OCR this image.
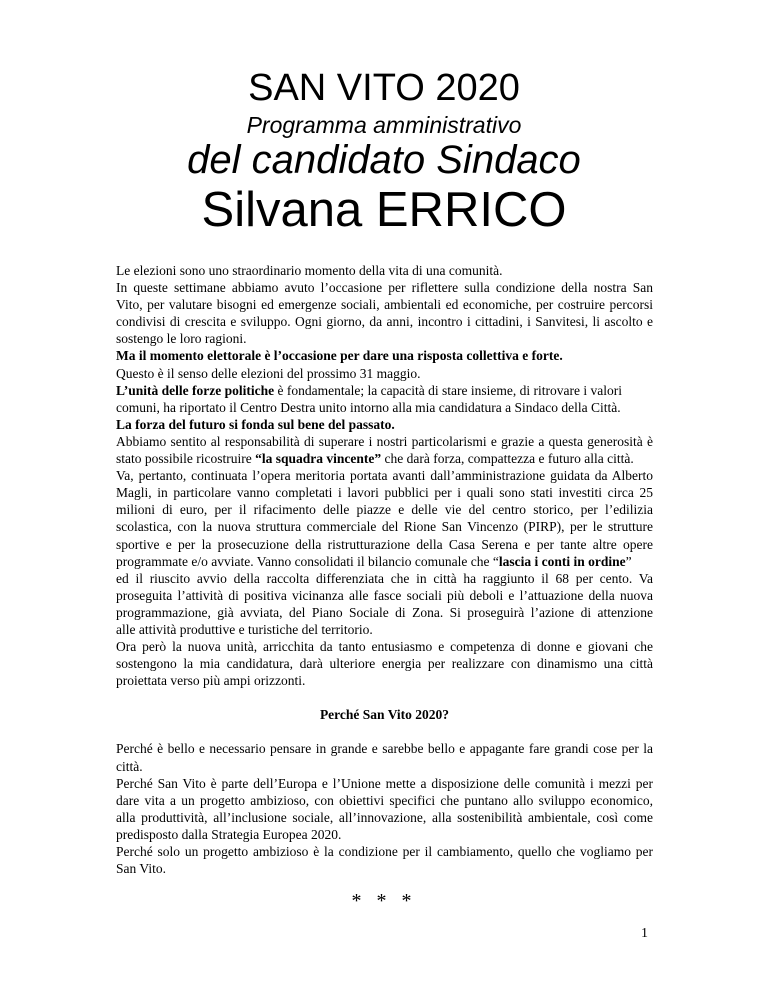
SAN VITO 2020
Programma amministrativo
del candidato Sindaco
Silvana ERRICO
Le elezioni sono uno straordinario momento della vita di una comunità.
In queste settimane abbiamo avuto l’occasione per riflettere sulla condizione della nostra San
Vito, per valutare bisogni ed emergenze sociali, ambientali ed economiche, per costruire percorsi
condivisi di crescita e sviluppo. Ogni giorno, da anni, incontro i cittadini, i Sanvitesi, li ascolto e
sostengo le loro ragioni.
Ma il momento elettorale è l’occasione per dare una risposta collettiva e forte.
Questo è il senso delle elezioni del prossimo 31 maggio.
L’unità delle forze politiche è fondamentale; la capacità di stare insieme, di ritrovare i valori
comuni, ha riportato il Centro Destra unito intorno alla mia candidatura a Sindaco della Città.
La forza del futuro si fonda sul bene del passato.
Abbiamo sentito al responsabilità di superare i nostri particolarismi e grazie a questa generosità è
stato possibile ricostruire “la squadra vincente” che darà forza, compattezza e futuro alla città.
Va, pertanto, continuata l’opera meritoria portata avanti dall’amministrazione guidata da Alberto
Magli, in particolare vanno completati i lavori pubblici per i quali sono stati investiti circa 25
milioni di euro, per il rifacimento delle piazze e delle vie del centro storico, per l’edilizia
scolastica, con la nuova struttura commerciale del Rione San Vincenzo (PIRP), per le strutture
sportive e per la prosecuzione della ristrutturazione della Casa Serena e per tante altre opere
programmate e/o avviate. Vanno consolidati il bilancio comunale che “lascia i conti in ordine”
ed il riuscito avvio della raccolta differenziata che in città ha raggiunto il 68 per cento. Va
proseguita l’attività di positiva vicinanza alle fasce sociali più deboli e l’attuazione della nuova
programmazione, già avviata, del Piano Sociale di Zona. Si proseguirà l’azione di attenzione
alle attività produttive e turistiche del territorio.
Ora però la nuova unità, arricchita da tanto entusiasmo e competenza di donne e giovani che
sostengono la mia candidatura, darà ulteriore energia per realizzare con dinamismo una città
proiettata verso più ampi orizzonti.
Perché San Vito 2020?
Perché è bello e necessario pensare in grande e sarebbe bello e appagante fare grandi cose per la
città.
Perché San Vito è parte dell’Europa e l’Unione mette a disposizione delle comunità i mezzi per
dare vita a un progetto ambizioso, con obiettivi specifici che puntano allo sviluppo economico,
alla produttività, all’inclusione sociale, all’innovazione, alla sostenibilità ambientale, così come
predisposto dalla Strategia Europea 2020.
Perché solo un progetto ambizioso è la condizione per il cambiamento, quello che vogliamo per
San Vito.
* * *
1
